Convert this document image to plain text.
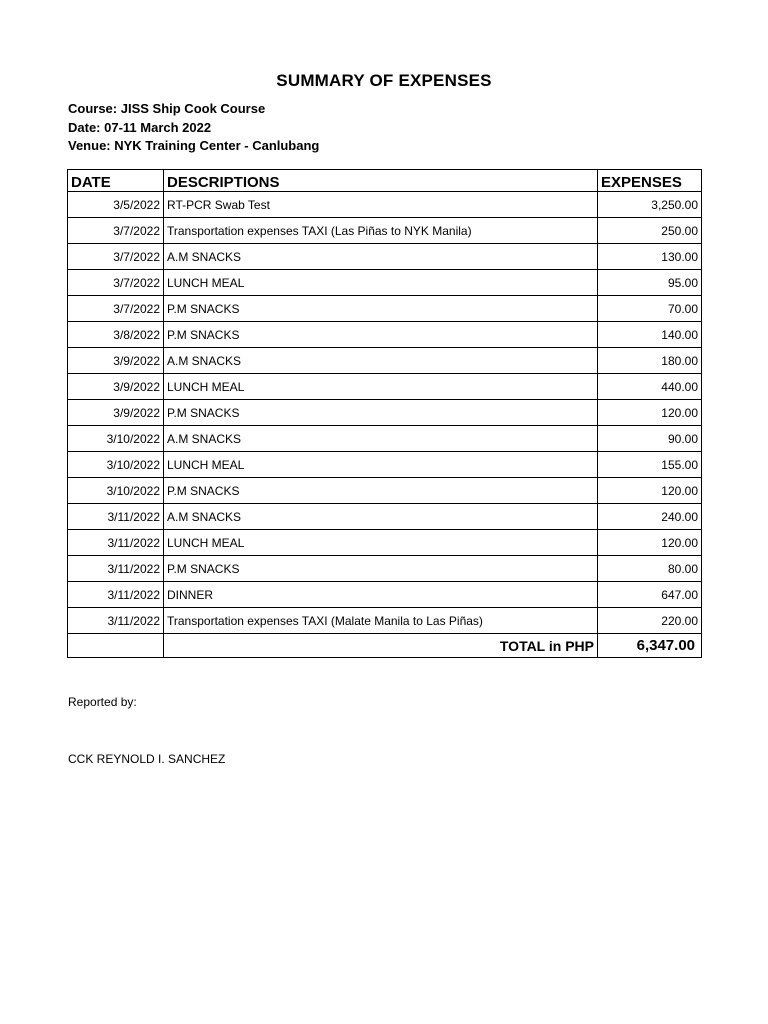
SUMMARY OF EXPENSES
Course: JISS Ship Cook Course
Date: 07-11 March 2022
Venue: NYK Training Center - Canlubang
DATE	DESCRIPTIONS	EXPENSES
3/5/2022	RT-PCR Swab Test	3,250.00
3/7/2022	Transportation expenses TAXI (Las Piñas to NYK Manila)	250.00
3/7/2022	A.M SNACKS	130.00
3/7/2022	LUNCH MEAL	95.00
3/7/2022	P.M SNACKS	70.00
3/8/2022	P.M SNACKS	140.00
3/9/2022	A.M SNACKS	180.00
3/9/2022	LUNCH MEAL	440.00
3/9/2022	P.M SNACKS	120.00
3/10/2022	A.M SNACKS	90.00
3/10/2022	LUNCH MEAL	155.00
3/10/2022	P.M SNACKS	120.00
3/11/2022	A.M SNACKS	240.00
3/11/2022	LUNCH MEAL	120.00
3/11/2022	P.M SNACKS	80.00
3/11/2022	DINNER	647.00
3/11/2022	Transportation expenses TAXI (Malate Manila to Las Piñas)	220.00
	TOTAL in PHP	6,347.00
Reported by:
CCK REYNOLD I. SANCHEZ
